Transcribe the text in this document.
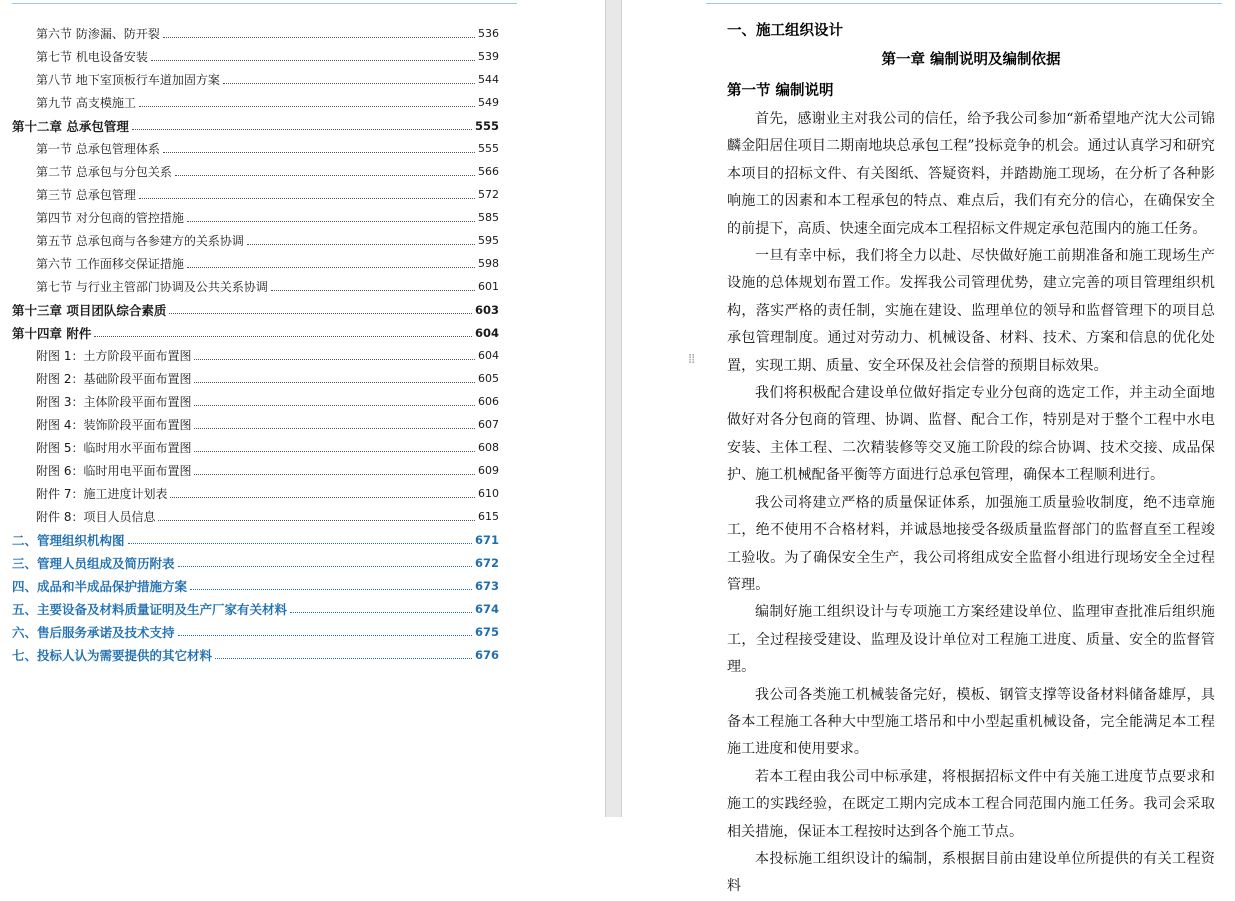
第六节 防渗漏、防开裂	536
第七节 机电设备安装	539
第八节 地下室顶板行车道加固方案	544
第九节 高支模施工	549
第十二章 总承包管理	555
第一节 总承包管理体系	555
第二节 总承包与分包关系	566
第三节 总承包管理	572
第四节 对分包商的管控措施	585
第五节 总承包商与各参建方的关系协调	595
第六节 工作面移交保证措施	598
第七节 与行业主管部门协调及公共关系协调	601
第十三章 项目团队综合素质	603
第十四章 附件	604
附图 1：土方阶段平面布置图	604
附图 2：基础阶段平面布置图	605
附图 3：主体阶段平面布置图	606
附图 4：装饰阶段平面布置图	607
附图 5：临时用水平面布置图	608
附图 6：临时用电平面布置图	609
附件 7：施工进度计划表	610
附件 8：项目人员信息	615
二、管理组织机构图	671
三、管理人员组成及简历附表	672
四、成品和半成品保护措施方案	673
五、主要设备及材料质量证明及生产厂家有关材料	674
六、售后服务承诺及技术支持	675
七、投标人认为需要提供的其它材料	676
一、施工组织设计
第一章 编制说明及编制依据
第一节 编制说明

首先，感谢业主对我公司的信任，给予我公司参加“新希望地产沈大公司锦麟金阳居住项目二期南地块总承包工程”投标竞争的机会。通过认真学习和研究本项目的招标文件、有关图纸、答疑资料，并踏勘施工现场，在分析了各种影响施工的因素和本工程承包的特点、难点后，我们有充分的信心，在确保安全的前提下，高质、快速全面完成本工程招标文件规定承包范围内的施工任务。

一旦有幸中标，我们将全力以赴、尽快做好施工前期准备和施工现场生产设施的总体规划布置工作。发挥我公司管理优势，建立完善的项目管理组织机构，落实严格的责任制，实施在建设、监理单位的领导和监督管理下的项目总承包管理制度。通过对劳动力、机械设备、材料、技术、方案和信息的优化处置，实现工期、质量、安全环保及社会信誉的预期目标效果。

我们将积极配合建设单位做好指定专业分包商的选定工作，并主动全面地做好对各分包商的管理、协调、监督、配合工作，特别是对于整个工程中水电安装、主体工程、二次精装修等交叉施工阶段的综合协调、技术交接、成品保护、施工机械配备平衡等方面进行总承包管理，确保本工程顺利进行。

我公司将建立严格的质量保证体系，加强施工质量验收制度，绝不违章施工，绝不使用不合格材料，并诚恳地接受各级质量监督部门的监督直至工程竣工验收。为了确保安全生产，我公司将组成安全监督小组进行现场安全全过程管理。

编制好施工组织设计与专项施工方案经建设单位、监理审查批准后组织施工，全过程接受建设、监理及设计单位对工程施工进度、质量、安全的监督管理。

我公司各类施工机械装备完好，模板、钢管支撑等设备材料储备雄厚，具备本工程施工各种大中型施工塔吊和中小型起重机械设备，完全能满足本工程施工进度和使用要求。

若本工程由我公司中标承建，将根据招标文件中有关施工进度节点要求和施工的实践经验，在既定工期内完成本工程合同范围内施工任务。我司会采取相关措施，保证本工程按时达到各个施工节点。

本投标施工组织设计的编制，系根据目前由建设单位所提供的有关工程资料

⁞⁞
